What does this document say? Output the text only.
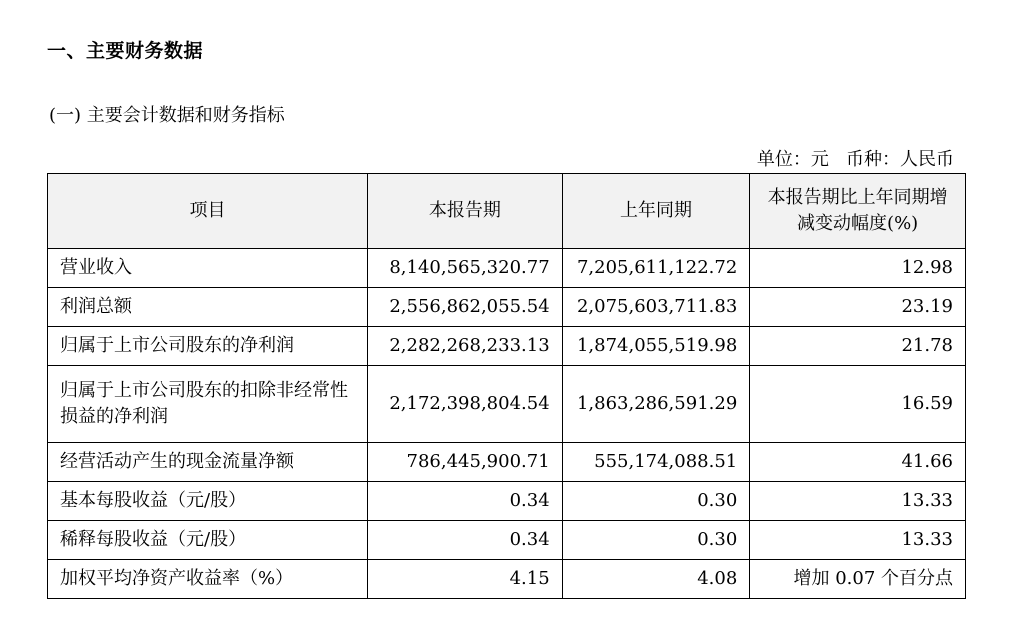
一、主要财务数据
(一) 主要会计数据和财务指标
单位：元   币种：人民币
项目	本报告期	上年同期	本报告期比上年同期增减变动幅度(%)
营业收入	8,140,565,320.77	7,205,611,122.72	12.98
利润总额	2,556,862,055.54	2,075,603,711.83	23.19
归属于上市公司股东的净利润	2,282,268,233.13	1,874,055,519.98	21.78
归属于上市公司股东的扣除非经常性损益的净利润	2,172,398,804.54	1,863,286,591.29	16.59
经营活动产生的现金流量净额	786,445,900.71	555,174,088.51	41.66
基本每股收益（元/股）	0.34	0.30	13.33
稀释每股收益（元/股）	0.34	0.30	13.33
加权平均净资产收益率（%）	4.15	4.08	增加 0.07 个百分点
